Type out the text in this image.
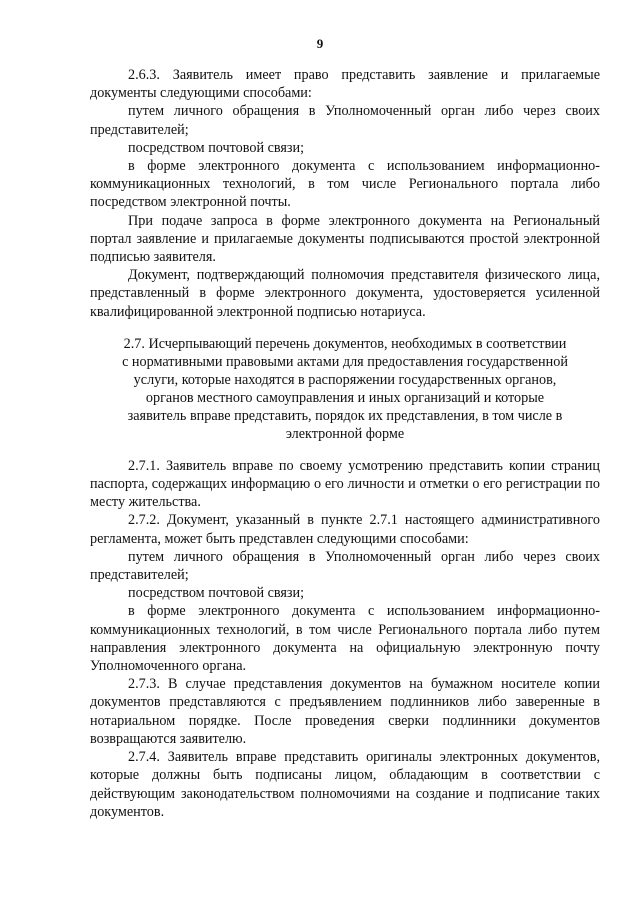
9

2.6.3. Заявитель имеет право представить заявление и прилагаемые документы следующими способами:

путем личного обращения в Уполномоченный орган либо через своих представителей;

посредством почтовой связи;

в форме электронного документа с использованием информационно-коммуникационных технологий, в том числе Регионального портала либо посредством электронной почты.

При подаче запроса в форме электронного документа на Региональный портал заявление и прилагаемые документы подписываются простой электронной подписью заявителя.

Документ, подтверждающий полномочия представителя физического лица, представленный в форме электронного документа, удостоверяется усиленной квалифицированной электронной подписью нотариуса.

2.7. Исчерпывающий перечень документов, необходимых в соответствии с нормативными правовыми актами для предоставления государственной услуги, которые находятся в распоряжении государственных органов, органов местного самоуправления и иных организаций и которые заявитель вправе представить, порядок их представления, в том числе в электронной форме

2.7.1. Заявитель вправе по своему усмотрению представить копии страниц паспорта, содержащих информацию о его личности и отметки о его регистрации по месту жительства.

2.7.2. Документ, указанный в пункте 2.7.1 настоящего административного регламента, может быть представлен следующими способами:

путем личного обращения в Уполномоченный орган либо через своих представителей;

посредством почтовой связи;

в форме электронного документа с использованием информационно-коммуникационных технологий, в том числе Регионального портала либо путем направления электронного документа на официальную электронную почту Уполномоченного органа.

2.7.3. В случае представления документов на бумажном носителе копии документов представляются с предъявлением подлинников либо заверенные в нотариальном порядке. После проведения сверки подлинники документов возвращаются заявителю.

2.7.4. Заявитель вправе представить оригиналы электронных документов, которые должны быть подписаны лицом, обладающим в соответствии с действующим законодательством полномочиями на создание и подписание таких документов.
